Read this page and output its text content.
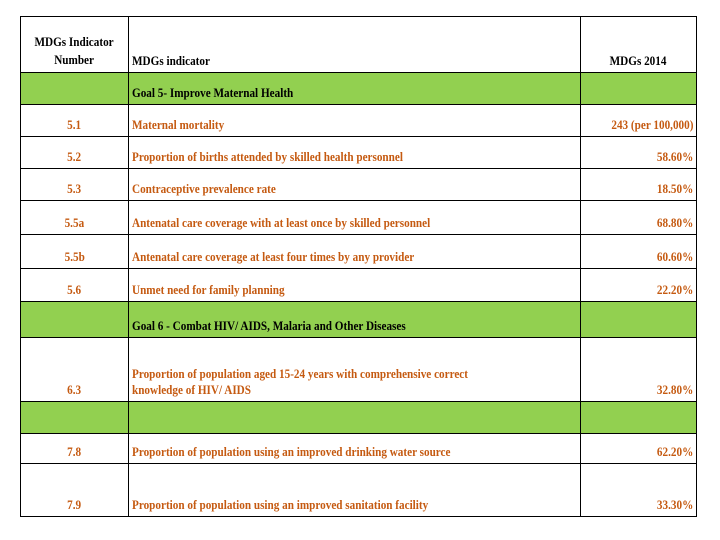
MDGs Indicator
Number	MDGs indicator	MDGs 2014
	Goal 5- Improve Maternal Health	
5.1	Maternal mortality	243 (per 100,000)
5.2	Proportion of births attended by skilled health personnel	58.60%
5.3	Contraceptive prevalence rate	18.50%
5.5a	Antenatal care coverage with at least once by skilled personnel	68.80%
5.5b	Antenatal care coverage at least four times by any provider	60.60%
5.6	Unmet need for family planning	22.20%
	Goal 6 - Combat HIV/ AIDS, Malaria and Other Diseases	
6.3	Proportion of population aged 15-24 years with comprehensive correct
knowledge of HIV/ AIDS	32.80%

7.8	Proportion of population using an improved drinking water source	62.20%
7.9	Proportion of population using an improved sanitation facility	33.30%
